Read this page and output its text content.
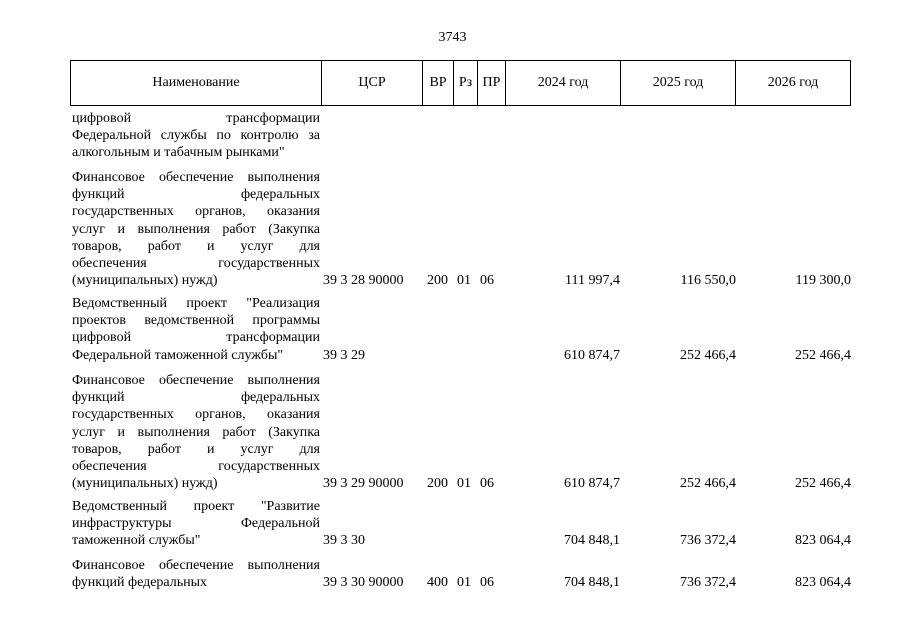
3743
Наименование	ЦСР	ВР Рз ПР	2024 год	2025 год	2026 год
цифровой трансформации
Федеральной службы по контролю за
алкогольным и табачным рынками"
Финансовое обеспечение выполнения
функций федеральных
государственных органов, оказания
услуг и выполнения работ (Закупка
товаров, работ и услуг для
обеспечения государственных
(муниципальных) нужд)	39 3 28 90000 200 01 06	111 997,4	116 550,0	119 300,0
Ведомственный проект "Реализация
проектов ведомственной программы
цифровой трансформации
Федеральной таможенной службы"	39 3 29	610 874,7	252 466,4	252 466,4
Финансовое обеспечение выполнения
функций федеральных
государственных органов, оказания
услуг и выполнения работ (Закупка
товаров, работ и услуг для
обеспечения государственных
(муниципальных) нужд)	39 3 29 90000 200 01 06	610 874,7	252 466,4	252 466,4
Ведомственный проект "Развитие
инфраструктуры Федеральной
таможенной службы"	39 3 30	704 848,1	736 372,4	823 064,4
Финансовое обеспечение выполнения
функций федеральных	39 3 30 90000 400 01 06	704 848,1	736 372,4	823 064,4
